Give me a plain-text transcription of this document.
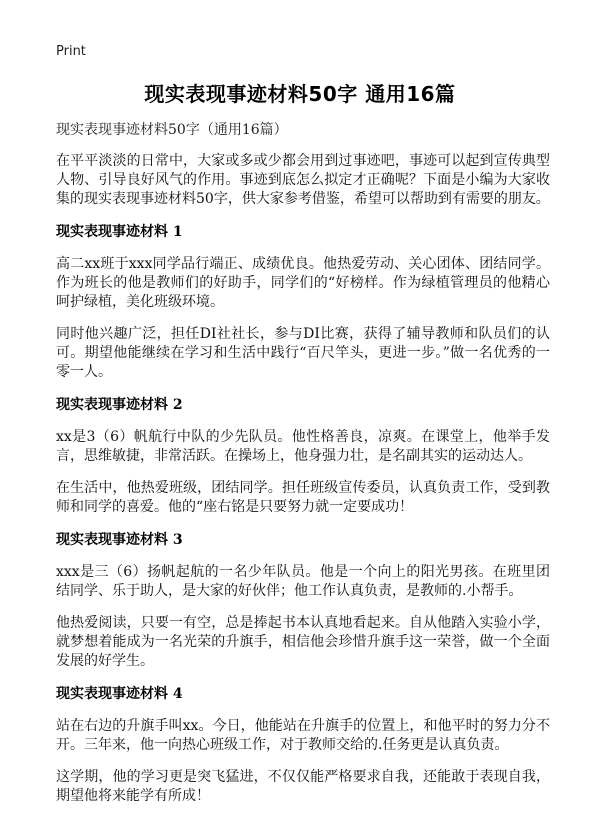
Print
现实表现事迹材料50字 通用16篇

现实表现事迹材料50字（通用16篇）

在平平淡淡的日常中，大家或多或少都会用到过事迹吧，事迹可以起到宣传典型人物、引导良好风气的作用。事迹到底怎么拟定才正确呢？下面是小编为大家收集的现实表现事迹材料50字，供大家参考借鉴，希望可以帮助到有需要的朋友。

现实表现事迹材料 1

高二xx班于xxx同学品行端正、成绩优良。他热爱劳动、关心团体、团结同学。作为班长的他是教师们的好助手，同学们的“好榜样。作为绿植管理员的他精心呵护绿植，美化班级环境。

同时他兴趣广泛，担任DI社社长，参与DI比赛，获得了辅导教师和队员们的认可。期望他能继续在学习和生活中践行“百尺竿头，更进一步。”做一名优秀的一零一人。

现实表现事迹材料 2

xx是3（6）帆航行中队的少先队员。他性格善良，凉爽。在课堂上，他举手发言，思维敏捷，非常活跃。在操场上，他身强力壮，是名副其实的运动达人。

在生活中，他热爱班级，团结同学。担任班级宣传委员，认真负责工作，受到教师和同学的喜爱。他的“座右铭是只要努力就一定要成功！

现实表现事迹材料 3

xxx是三（6）扬帆起航的一名少年队员。他是一个向上的阳光男孩。在班里团结同学、乐于助人，是大家的好伙伴；他工作认真负责，是教师的.小帮手。

他热爱阅读，只要一有空，总是捧起书本认真地看起来。自从他踏入实验小学，就梦想着能成为一名光荣的升旗手，相信他会珍惜升旗手这一荣誉，做一个全面发展的好学生。

现实表现事迹材料 4

站在右边的升旗手叫xx。今日，他能站在升旗手的位置上，和他平时的努力分不开。三年来，他一向热心班级工作，对于教师交给的.任务更是认真负责。

这学期，他的学习更是突飞猛进，不仅仅能严格要求自我，还能敢于表现自我，期望他将来能学有所成！
